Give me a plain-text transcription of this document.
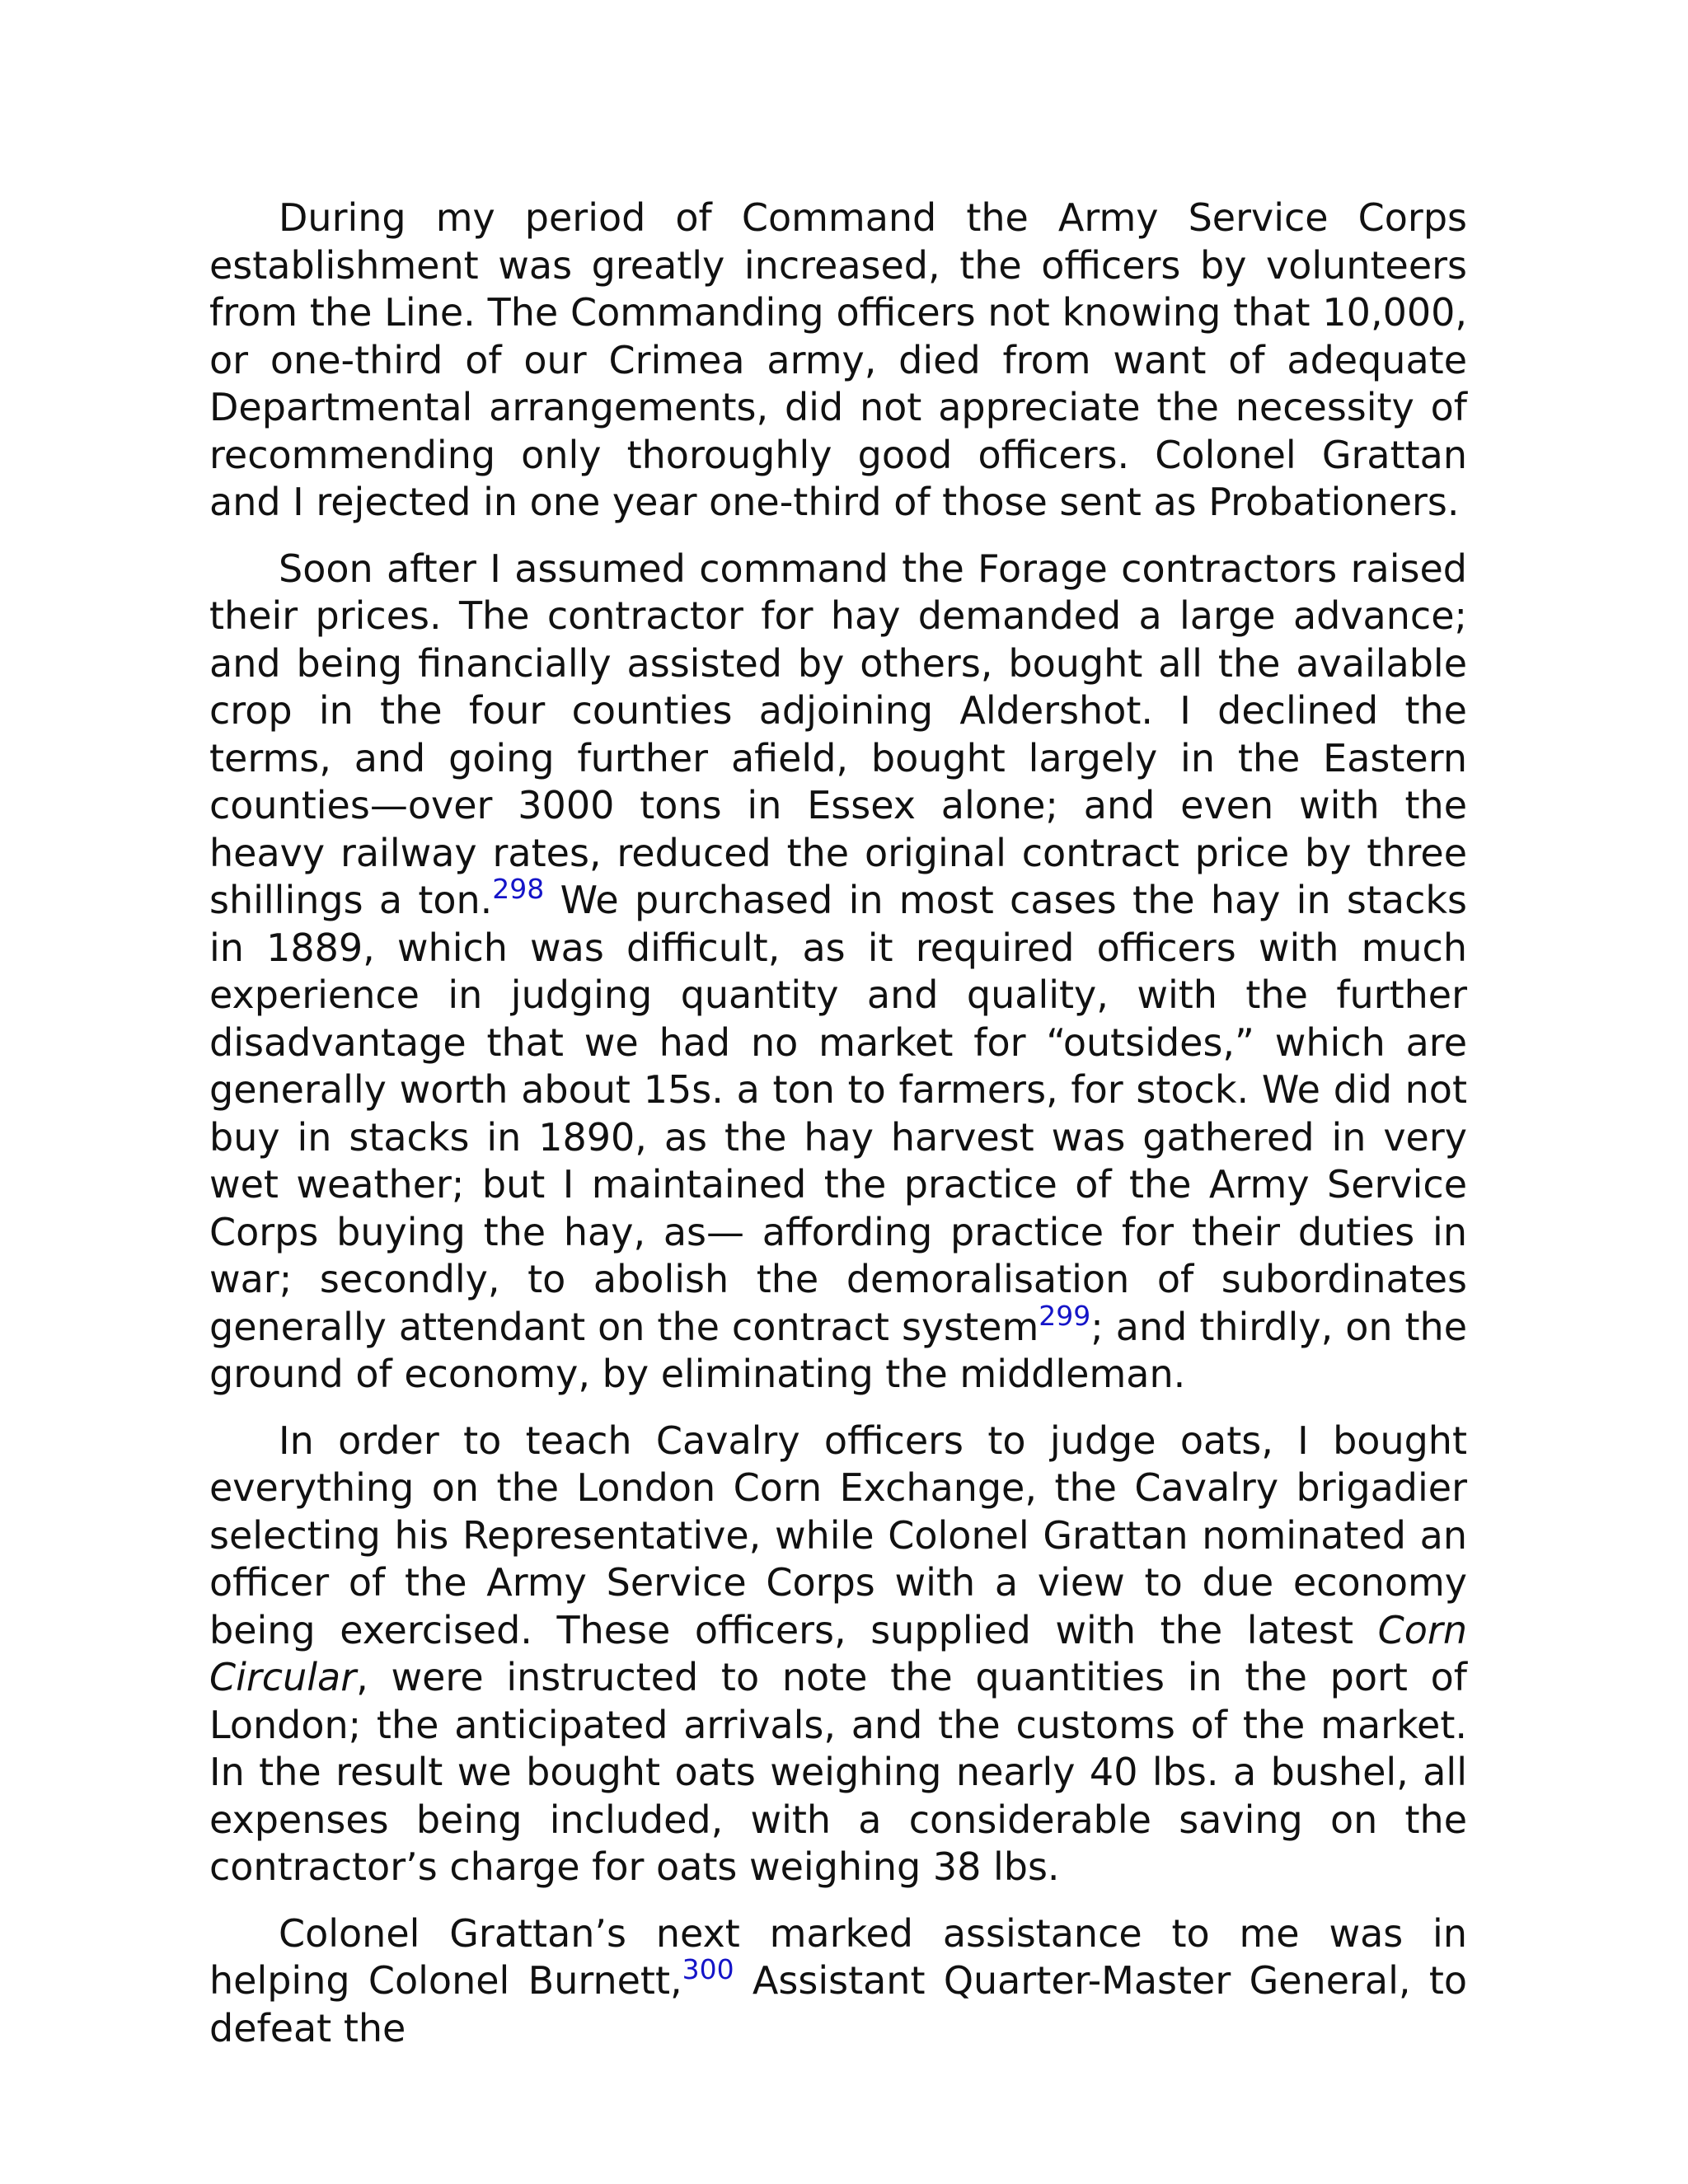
During my period of Command the Army Service Corps establishment was greatly increased, the officers by volunteers from the Line. The Commanding officers not knowing that 10,000, or one-third of our Crimea army, died from want of adequate Departmental arrangements, did not appreciate the necessity of recommending only thoroughly good officers. Colonel Grattan and I rejected in one year one-third of those sent as Probationers.

Soon after I assumed command the Forage contractors raised their prices. The contractor for hay demanded a large advance; and being financially assisted by others, bought all the available crop in the four counties adjoining Aldershot. I declined the terms, and going further afield, bought largely in the Eastern counties—over 3000 tons in Essex alone; and even with the heavy railway rates, reduced the original contract price by three shillings a ton.$^{298}$ We purchased in most cases the hay in stacks in 1889, which was difficult, as it required officers with much experience in judging quantity and quality, with the further disadvantage that we had no market for “outsides,” which are generally worth about 15s. a ton to farmers, for stock. We did not buy in stacks in 1890, as the hay harvest was gathered in very wet weather; but I maintained the practice of the Army Service Corps buying the hay, as— affording practice for their duties in war; secondly, to abolish the demoralisation of subordinates generally attendant on the contract system$^{299}$; and thirdly, on the ground of economy, by eliminating the middleman.

In order to teach Cavalry officers to judge oats, I bought everything on the London Corn Exchange, the Cavalry brigadier selecting his Representative, while Colonel Grattan nominated an officer of the Army Service Corps with a view to due economy being exercised. These officers, supplied with the latest Corn Circular, were instructed to note the quantities in the port of London; the anticipated arrivals, and the customs of the market. In the result we bought oats weighing nearly 40 lbs. a bushel, all expenses being included, with a considerable saving on the contractor’s charge for oats weighing 38 lbs.

Colonel Grattan’s next marked assistance to me was in helping Colonel Burnett,$^{300}$ Assistant Quarter-Master General, to defeat the
